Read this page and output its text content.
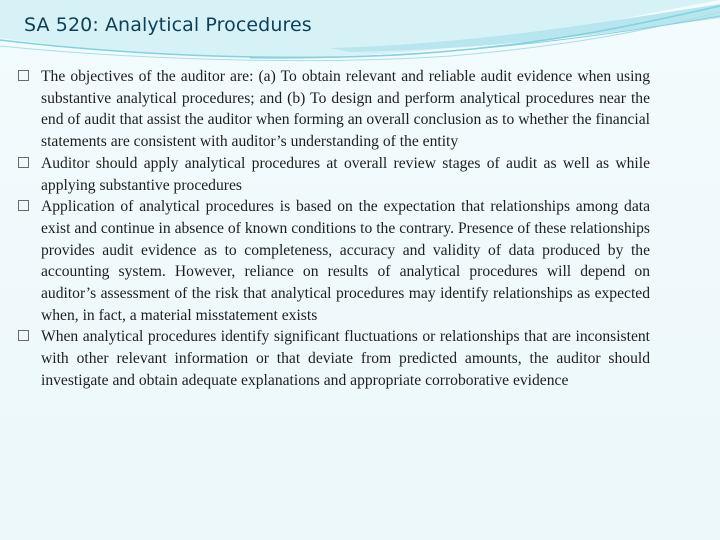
SA 520: Analytical Procedures

The objectives of the auditor are: (a) To obtain relevant and reliable audit evidence when using substantive analytical procedures; and (b) To design and perform analytical procedures near the end of audit that assist the auditor when forming an overall conclusion as to whether the financial statements are consistent with auditor’s understanding of the entity

Auditor should apply analytical procedures at overall review stages of audit as well as while applying substantive procedures

Application of analytical procedures is based on the expectation that relationships among data exist and continue in absence of known conditions to the contrary. Presence of these relationships provides audit evidence as to completeness, accuracy and validity of data produced by the accounting system. However, reliance on results of analytical procedures will depend on auditor’s assessment of the risk that analytical procedures may identify relationships as expected when, in fact, a material misstatement exists

When analytical procedures identify significant fluctuations or relationships that are inconsistent with other relevant information or that deviate from predicted amounts, the auditor should investigate and obtain adequate explanations and appropriate corroborative evidence
